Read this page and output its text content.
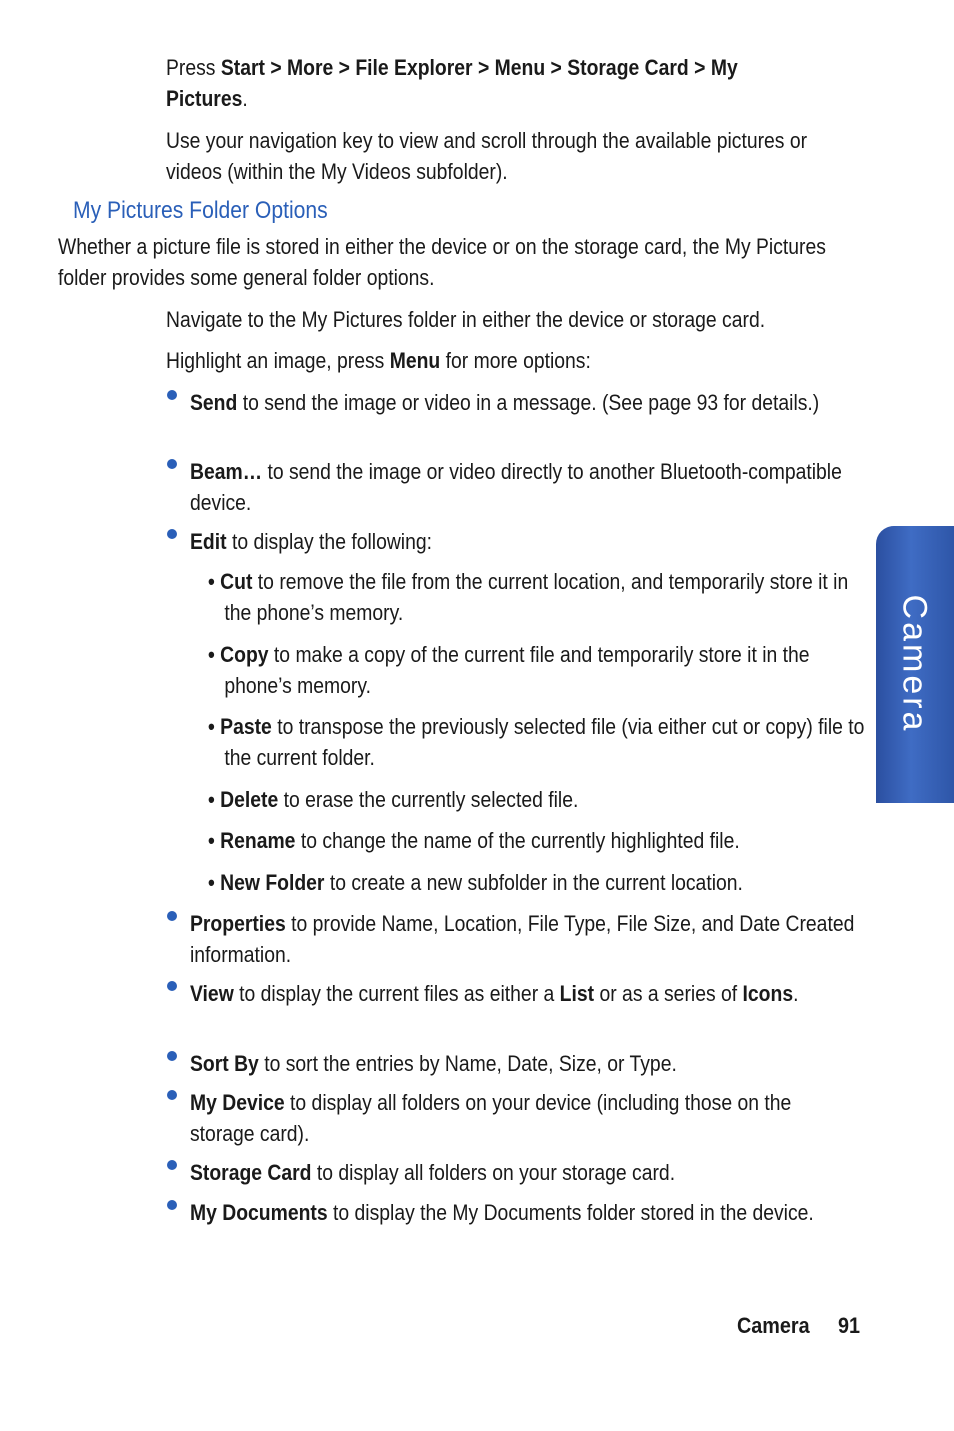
Press Start > More > File Explorer > Menu > Storage Card > My Pictures.
Use your navigation key to view and scroll through the available pictures or videos (within the My Videos subfolder).
My Pictures Folder Options
Whether a picture file is stored in either the device or on the storage card, the My Pictures folder provides some general folder options.
Navigate to the My Pictures folder in either the device or storage card.
Highlight an image, press Menu for more options:
Send to send the image or video in a message. (See page 93 for details.)
Beam… to send the image or video directly to another Bluetooth-compatible device.
Edit to display the following:
• Cut to remove the file from the current location, and temporarily store it in the phone’s memory.
• Copy to make a copy of the current file and temporarily store it in the phone’s memory.
• Paste to transpose the previously selected file (via either cut or copy) file to the current folder.
• Delete to erase the currently selected file.
• Rename to change the name of the currently highlighted file.
• New Folder to create a new subfolder in the current location.
Properties to provide Name, Location, File Type, File Size, and Date Created information.
View to display the current files as either a List or as a series of Icons.
Sort By to sort the entries by Name, Date, Size, or Type.
My Device to display all folders on your device (including those on the storage card).
Storage Card to display all folders on your storage card.
My Documents to display the My Documents folder stored in the device.
Camera
Camera 91
